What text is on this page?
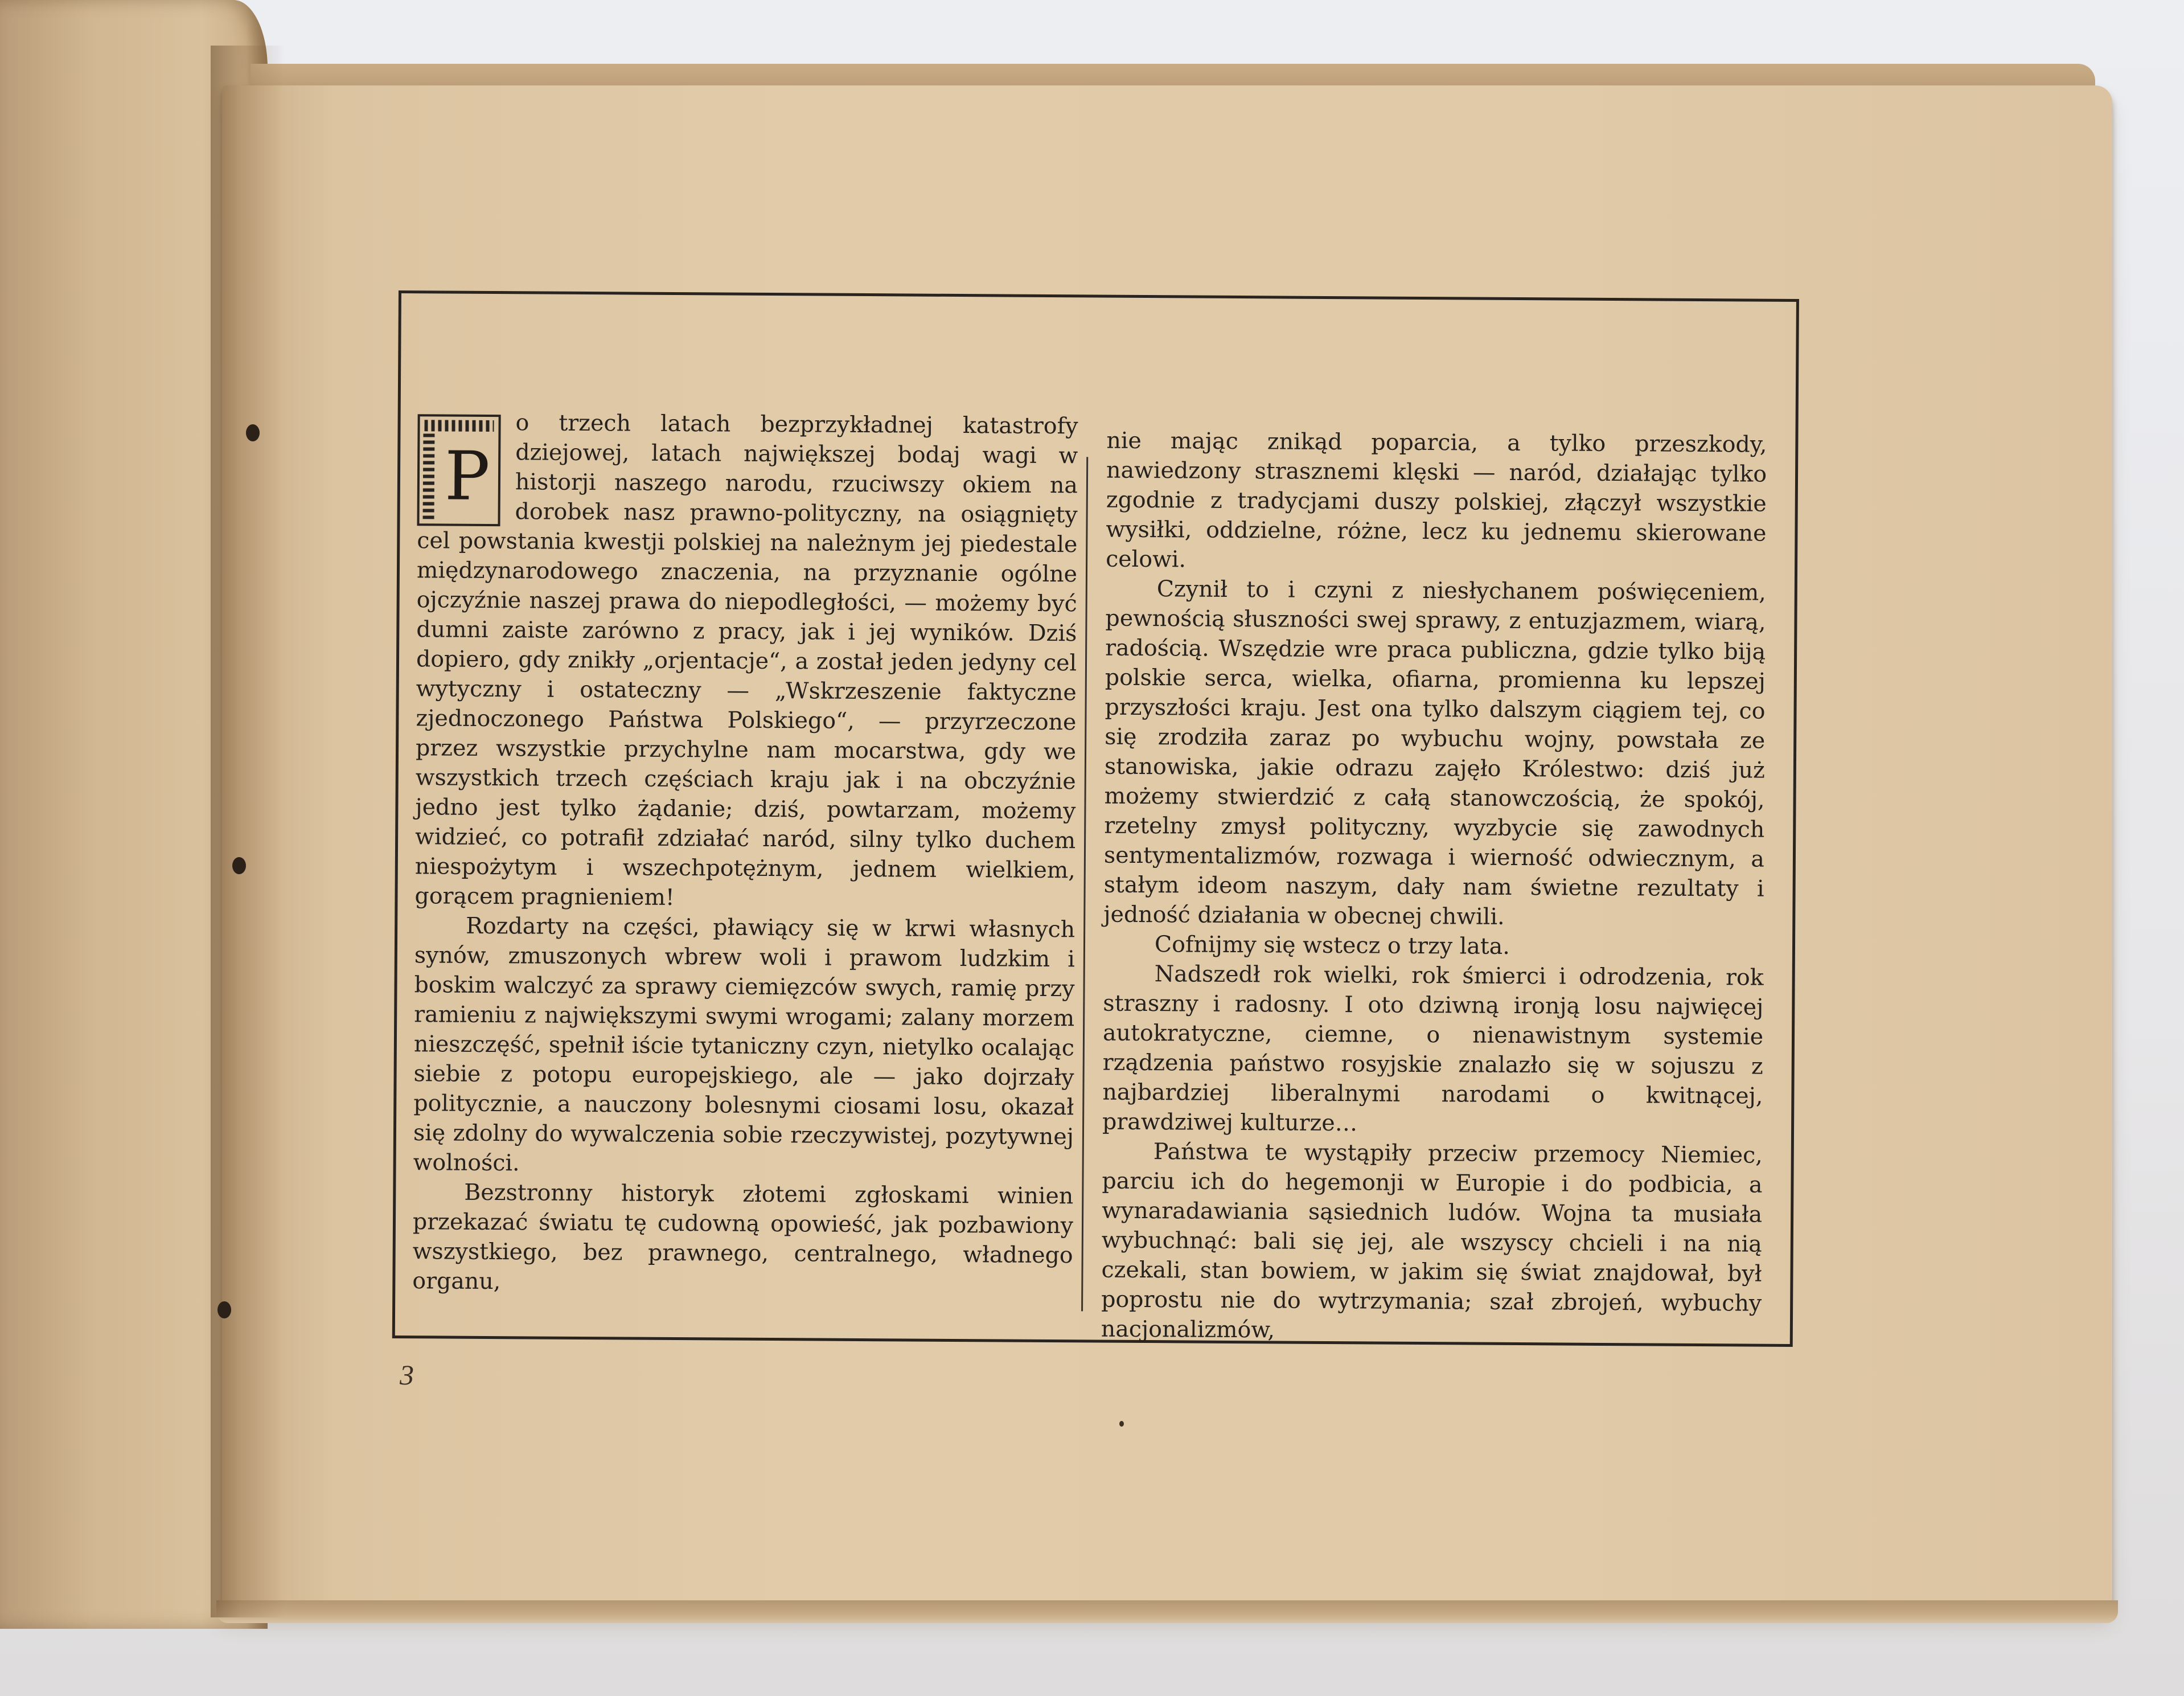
P

o trzech latach bezprzykładnej katastrofy dziejowej, latach największej bodaj wagi w historji naszego narodu, rzuciwszy okiem na dorobek nasz prawno-polityczny, na osiągnięty cel powstania kwestji polskiej na należnym jej piedestale międzynarodowego znaczenia, na przyznanie ogólne ojczyźnie naszej prawa do niepodległości, — możemy być dumni zaiste zarówno z pracy, jak i jej wyników. Dziś dopiero, gdy znikły „orjentacje“, a został jeden jedyny cel wytyczny i ostateczny — „Wskrzeszenie faktyczne zjednoczonego Państwa Polskiego“, — przyrzeczone przez wszystkie przychylne nam mocarstwa, gdy we wszystkich trzech częściach kraju jak i na obczyźnie jedno jest tylko żądanie; dziś, powtarzam, możemy widzieć, co potrafił zdziałać naród, silny tylko duchem niespożytym i wszechpotężnym, jednem wielkiem, gorącem pragnieniem!

Rozdarty na części, pławiący się w krwi własnych synów, zmuszonych wbrew woli i prawom ludzkim i boskim walczyć za sprawy ciemięzców swych, ramię przy ramieniu z największymi swymi wrogami; zalany morzem nieszczęść, spełnił iście tytaniczny czyn, nietylko ocalając siebie z potopu europejskiego, ale — jako dojrzały politycznie, a nauczony bolesnymi ciosami losu, okazał się zdolny do wywalczenia sobie rzeczywistej, pozytywnej wolności.

Bezstronny historyk złotemi zgłoskami winien przekazać światu tę cudowną opowieść, jak pozbawiony wszystkiego, bez prawnego, centralnego, władnego organu,

nie mając znikąd poparcia, a tylko przeszkody, nawiedzony strasznemi klęski — naród, działając tylko zgodnie z tradycjami duszy polskiej, złączył wszystkie wysiłki, oddzielne, różne, lecz ku jednemu skierowane celowi.

Czynił to i czyni z niesłychanem poświęceniem, pewnością słuszności swej sprawy, z entuzjazmem, wiarą, radością. Wszędzie wre praca publiczna, gdzie tylko biją polskie serca, wielka, ofiarna, promienna ku lepszej przyszłości kraju. Jest ona tylko dalszym ciągiem tej, co się zrodziła zaraz po wybuchu wojny, powstała ze stanowiska, jakie odrazu zajęło Królestwo: dziś już możemy stwierdzić z całą stanowczością, że spokój, rzetelny zmysł polityczny, wyzbycie się zawodnych sentymentalizmów, rozwaga i wierność odwiecznym, a stałym ideom naszym, dały nam świetne rezultaty i jedność działania w obecnej chwili.

Cofnijmy się wstecz o trzy lata.

Nadszedł rok wielki, rok śmierci i odrodzenia, rok straszny i radosny. I oto dziwną ironją losu najwięcej autokratyczne, ciemne, o nienawistnym systemie rządzenia państwo rosyjskie znalazło się w sojuszu z najbardziej liberalnymi narodami o kwitnącej, prawdziwej kulturze…

Państwa te wystąpiły przeciw przemocy Niemiec, parciu ich do hegemonji w Europie i do podbicia, a wynaradawiania sąsiednich ludów. Wojna ta musiała wybuchnąć: bali się jej, ale wszyscy chcieli i na nią czekali, stan bowiem, w jakim się świat znajdował, był poprostu nie do wytrzymania; szał zbrojeń, wybuchy nacjonalizmów,

3
